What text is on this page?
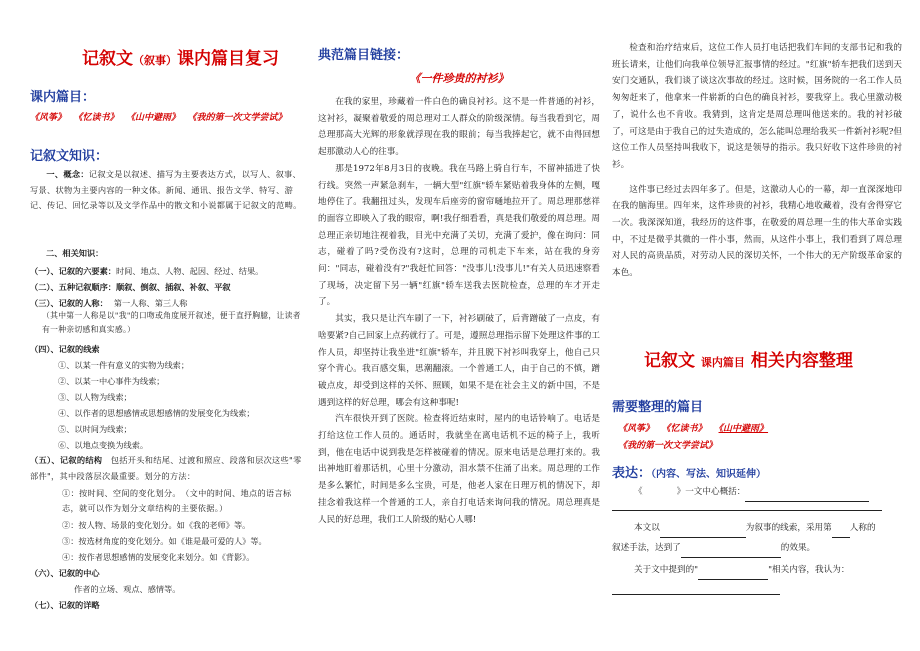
记叙文（叙事）课内篇目复习
课内篇目：
《风筝》 《忆读书》 《山中避雨》 《我的第一次文学尝试》
记叙文知识：
一、概念：记叙文是以叙述、描写为主要表达方式，以写人、叙事、写景、状物为主要内容的一种文体。新闻、通讯、报告文学、特写、游记、传记、回忆录等以及文学作品中的散文和小说都属于记叙文的范畴。
二、相关知识：
（一）、记叙的六要素：时间、地点、人物、起因、经过、结果。
（二）、五种记叙顺序：顺叙、倒叙、插叙、补叙、平叙
（三）、记叙的人称： 第一人称、第三人称
（其中第一人称是以"我"的口吻或角度展开叙述，便于直抒胸臆，让读者有一种亲切感和真实感。）
（四）、记叙的线索
①、以某一件有意义的实物为线索；
②、以某一中心事件为线索；
③、以人物为线索；
④、以作者的思想感情或思想感情的发展变化为线索；
⑤、以时间为线索；
⑥、以地点变换为线索。
（五）、记叙的结构　 包括开头和结尾、过渡和照应、段落和层次这些"零部件"，其中段落层次最重要。划分的方法：
①：按时间、空间的变化划分。　（文中的时间、地点的语言标志，就可以作为划分文章结构的主要依据。）
②：按人物、场景的变化划分。如《我的老师》等。
③：按选材角度的变化划分。如《谁是最可爱的人》等。
④：按作者思想感情的发展变化来划分。如《背影》。
（六）、记叙的中心
作者的立场、观点、感情等。
（七）、记叙的详略
典范篇目链接：
《一件珍贵的衬衫》

在我的家里，珍藏着一件白色的确良衬衫。这不是一件普通的衬衫，这衬衫，凝聚着敬爱的周总理对工人群众的阶级深情。每当我看到它，周总理那高大光辉的形象就浮现在我的眼前；每当我捧起它，就不由得回想起那激动人心的往事。

那是1972年8月3日的夜晚。我在马路上骑自行车，不留神插进了快行线。突然一声紧急刹车，一辆大型"红旗"轿车紧贴着我身体的左侧，嘎地停住了。我翻扭过头，发现车后座旁的窗帘嗵地拉开了。周总理那慈祥的面容立即映入了我的眼帘，啊!我仔细看看，真是我们敬爱的周总理。周总理正亲切地注视着我，目光中充满了关切，充满了爱护，像在询问：同志，碰着了吗?受伤没有?这时，总理的司机走下车来，站在我的身旁问："同志，碰着没有?"我赶忙回答："没事儿!没事儿!"有关人员迅速察看了现场，决定留下另一辆"红旗"轿车送我去医院检查，总理的车才开走了。

其实，我只是让汽车刷了一下，衬衫刷破了，后背蹭破了一点皮，有啥要紧?自己回家上点药就行了。可是，遵照总理指示留下处理这件事的工作人员，却坚持让我坐进"红旗"轿车，并且脱下衬衫叫我穿上，他自己只穿个背心。我百感交集，思潮翻滚。一个普通工人，由于自己的不慎，蹭破点皮，却受到这样的关怀、照顾，如果不是在社会主义的新中国，不是遇到这样的好总理，哪会有这种事呢!

汽车很快开到了医院。检查将近结束时，屋内的电话铃响了。电话是打给这位工作人员的。通话时，我就坐在离电话机不远的椅子上，我听到，他在电话中说到我是怎样被碰着的情况。原来电话是总理打来的。我出神地盯着那话机，心里十分激动，泪水禁不住涌了出来。周总理的工作是多么繁忙，时间是多么宝贵，可是，他老人家在日理万机的情况下，却挂念着我这样一个普通的工人，亲自打电话来询问我的情况。周总理真是人民的好总理，我们工人阶级的贴心人哪!

检查和治疗结束后，这位工作人员打电话把我们车间的支部书记和我的班长请来，让他们向我单位领导汇报事情的经过。"红旗"轿车把我们送到天安门交通队，我们谈了谈这次事故的经过。这时候，国务院的一名工作人员匆匆赶来了，他拿来一件崭新的白色的确良衬衫，要我穿上。我心里激动极了，说什么也不肯收。我猜到，这肯定是周总理叫他送来的。我的衬衫破了，可这是由于我自己的过失造成的，怎么能叫总理给我买一件新衬衫呢?但这位工作人员坚持叫我收下，说这是领导的指示。我只好收下这件珍贵的衬衫。

这件事已经过去四年多了。但是，这激动人心的一幕，却一直深深地印在我的脑海里。四年来，这件珍贵的衬衫，我精心地收藏着，没有舍得穿它一次。我深深知道，我经历的这件事，在敬爱的周总理一生的伟大革命实践中，不过是微乎其微的一件小事，然而，从这件小事上，我们看到了周总理对人民的高贵品质，对劳动人民的深切关怀，一个伟大的无产阶级革命家的本色。

记叙文 课内篇目 相关内容整理
需要整理的篇目
《风筝》 《忆读书》 《山中避雨》
《我的第一次文学尝试》
表达：（内容、写法、知识延伸）
《	》一文中心概括：
本文以	为叙事的线索，采用第 人称的
叙述手法，达到了	的效果。
关于文中提到的"	"相关内容，我认为：
